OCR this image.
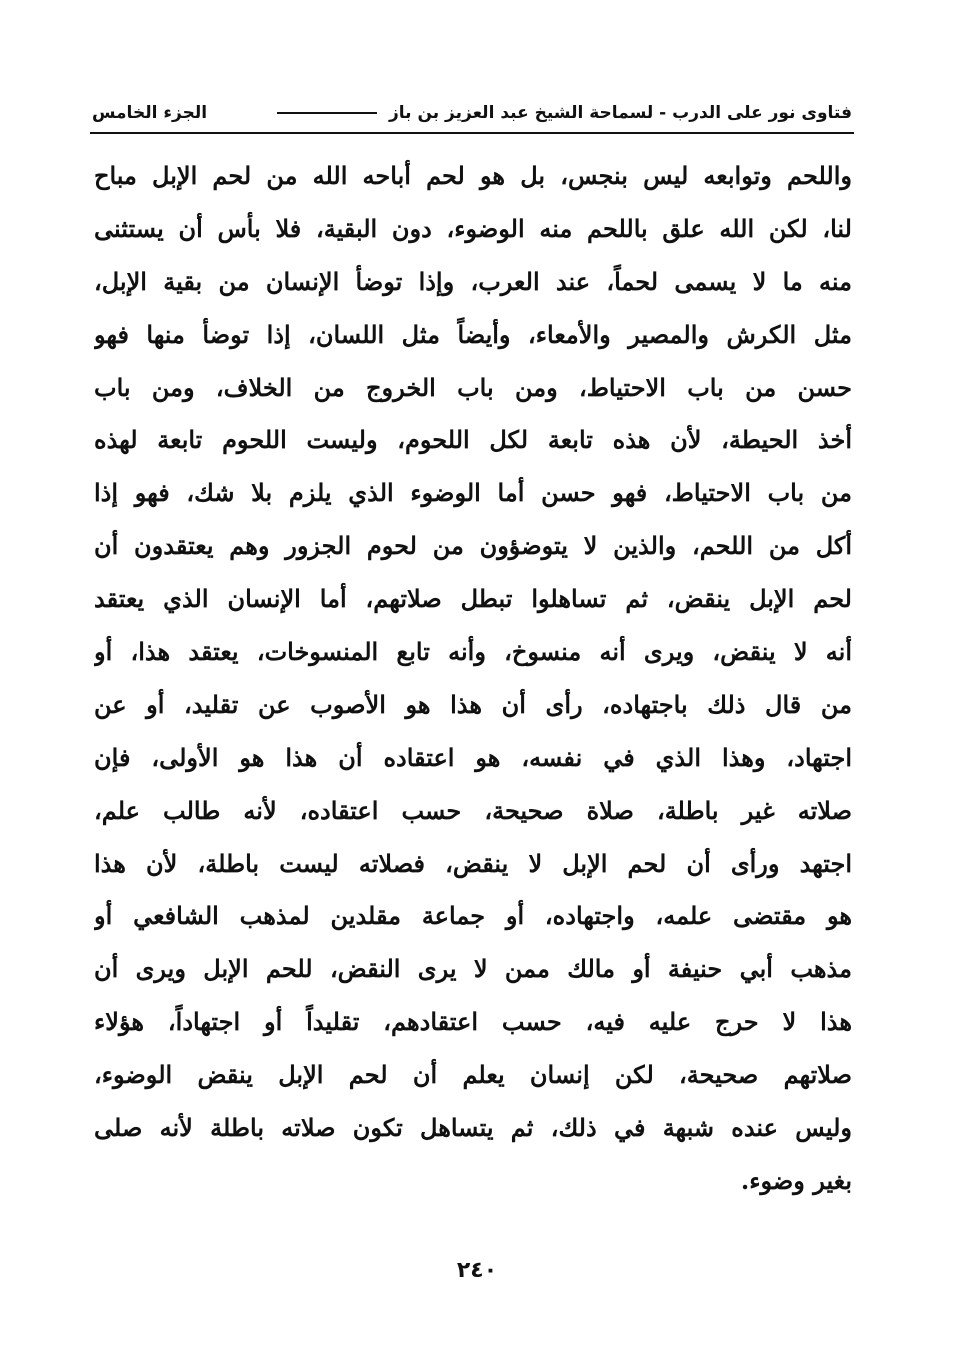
فتاوى نور على الدرب - لسماحة الشيخ عبد العزيز بن باز
الجزء الخامس
واللحم وتوابعه ليس بنجس، بل هو لحم أباحه الله من لحم الإبل مباح
لنا، لكن الله علق باللحم منه الوضوء، دون البقية، فلا بأس أن يستثنى
منه ما لا يسمى لحماً، عند العرب، وإذا توضأ الإنسان من بقية الإبل،
مثل الكرش والمصير والأمعاء، وأيضاً مثل اللسان، إذا توضأ منها فهو
حسن من باب الاحتياط، ومن باب الخروج من الخلاف، ومن باب
أخذ الحيطة، لأن هذه تابعة لكل اللحوم، وليست اللحوم تابعة لهذه
من باب الاحتياط، فهو حسن أما الوضوء الذي يلزم بلا شك، فهو إذا
أكل من اللحم، والذين لا يتوضؤون من لحوم الجزور وهم يعتقدون أن
لحم الإبل ينقض، ثم تساهلوا تبطل صلاتهم، أما الإنسان الذي يعتقد
أنه لا ينقض، ويرى أنه منسوخ، وأنه تابع المنسوخات، يعتقد هذا، أو
من قال ذلك باجتهاده، رأى أن هذا هو الأصوب عن تقليد، أو عن
اجتهاد، وهذا الذي في نفسه، هو اعتقاده أن هذا هو الأولى، فإن
صلاته غير باطلة، صلاة صحيحة، حسب اعتقاده، لأنه طالب علم،
اجتهد ورأى أن لحم الإبل لا ينقض، فصلاته ليست باطلة، لأن هذا
هو مقتضى علمه، واجتهاده، أو جماعة مقلدين لمذهب الشافعي أو
مذهب أبي حنيفة أو مالك ممن لا يرى النقض، للحم الإبل ويرى أن
هذا لا حرج عليه فيه، حسب اعتقادهم، تقليداً أو اجتهاداً، هؤلاء
صلاتهم صحيحة، لكن إنسان يعلم أن لحم الإبل ينقض الوضوء،
وليس عنده شبهة في ذلك، ثم يتساهل تكون صلاته باطلة لأنه صلى
بغير وضوء.
٢٤٠
